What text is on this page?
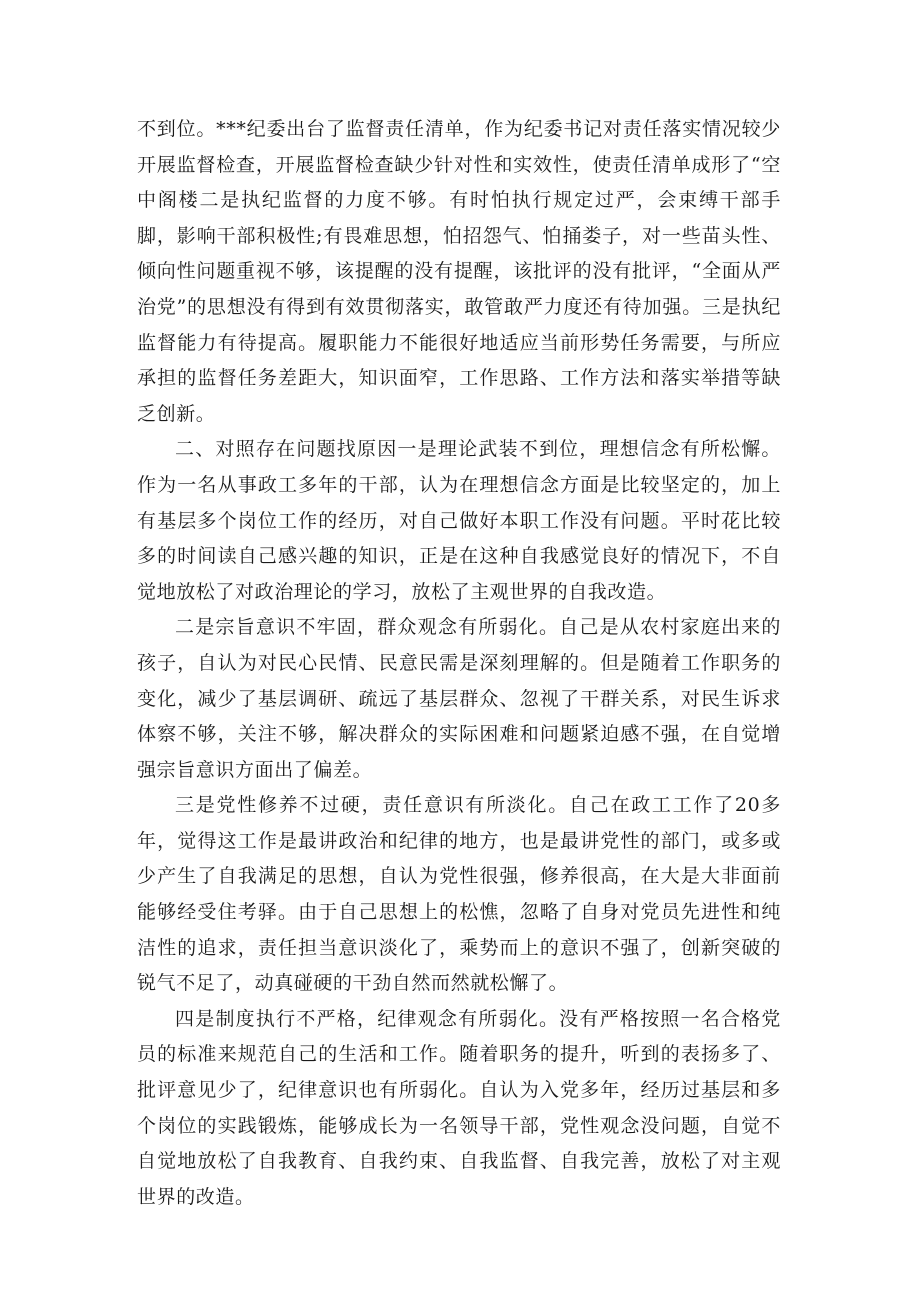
不到位。***纪委出台了监督责任清单，作为纪委书记对责任落实情况较少开展监督检查，开展监督检查缺少针对性和实效性，使责任清单成形了“空中阁楼二是执纪监督的力度不够。有时怕执行规定过严，会束缚干部手脚，影响干部积极性;有畏难思想，怕招怨气、怕捅娄子，对一些苗头性、倾向性问题重视不够，该提醒的没有提醒，该批评的没有批评，“全面从严治党”的思想没有得到有效贯彻落实，敢管敢严力度还有待加强。三是执纪监督能力有待提高。履职能力不能很好地适应当前形势任务需要，与所应承担的监督任务差距大，知识面窄，工作思路、工作方法和落实举措等缺乏创新。

二、对照存在问题找原因一是理论武装不到位，理想信念有所松懈。作为一名从事政工多年的干部，认为在理想信念方面是比较坚定的，加上有基层多个岗位工作的经历，对自己做好本职工作没有问题。平时花比较多的时间读自己感兴趣的知识，正是在这种自我感觉良好的情况下，不自觉地放松了对政治理论的学习，放松了主观世界的自我改造。

二是宗旨意识不牢固，群众观念有所弱化。自己是从农村家庭出来的孩子，自认为对民心民情、民意民需是深刻理解的。但是随着工作职务的变化，减少了基层调研、疏远了基层群众、忽视了干群关系，对民生诉求体察不够，关注不够，解决群众的实际困难和问题紧迫感不强，在自觉增强宗旨意识方面出了偏差。

三是党性修养不过硬，责任意识有所淡化。自己在政工工作了20多年，觉得这工作是最讲政治和纪律的地方，也是最讲党性的部门，或多或少产生了自我满足的思想，自认为党性很强，修养很高，在大是大非面前能够经受住考驿。由于自己思想上的松憔，忽略了自身对党员先进性和纯洁性的追求，责任担当意识淡化了，乘势而上的意识不强了，创新突破的锐气不足了，动真碰硬的干劲自然而然就松懈了。

四是制度执行不严格，纪律观念有所弱化。没有严格按照一名合格党员的标准来规范自己的生活和工作。随着职务的提升，听到的表扬多了、批评意见少了，纪律意识也有所弱化。自认为入党多年，经历过基层和多个岗位的实践锻炼，能够成长为一名领导干部，党性观念没问题，自觉不自觉地放松了自我教育、自我约束、自我监督、自我完善，放松了对主观世界的改造。
